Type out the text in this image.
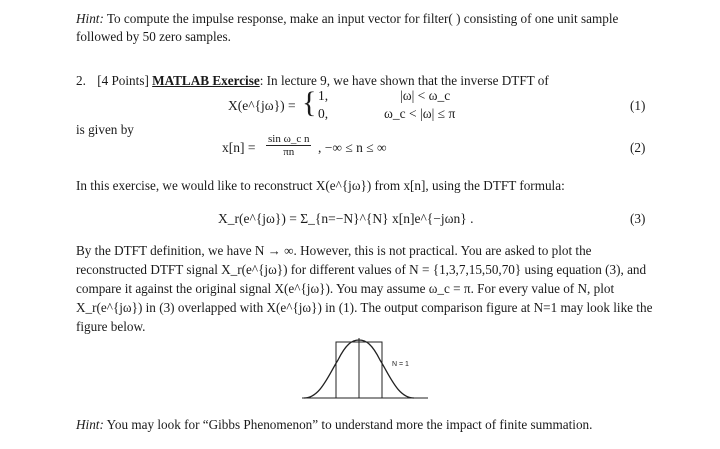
Hint: To compute the impulse response, make an input vector for filter( ) consisting of one unit sample
followed by 50 zero samples.
2. [4 Points] MATLAB Exercise: In lecture 9, we have shown that the inverse DTFT of
X(e^{jω}) = { 1,
0,
|ω| < ω_c
ω_c < |ω| ≤ π
(1)
is given by
$x[n] = \frac{\text{sin ω\_c n}}{\pi n}$ , −∞ ≤ n ≤ ∞	(2)
In this exercise, we would like to reconstruct X(e^{jω}) from x[n], using the DTFT formula:
X_r(e^{jω}) = Σ_{n=−N}^{N} x[n]e^{−jωn} .	(3)
By the DTFT definition, we have N → ∞. However, this is not practical. You are asked to plot the
reconstructed DTFT signal X_r(e^{jω}) for different values of N = {1,3,7,15,50,70} using equation (3), and
compare it against the original signal X(e^{jω}). You may assume ω_c = π. For every value of N, plot
X_r(e^{jω}) in (3) overlapped with X(e^{jω}) in (1). The output comparison figure at N=1 may look like the
figure below.
N = 1
Hint: You may look for “Gibbs Phenomenon” to understand more the impact of finite summation.
